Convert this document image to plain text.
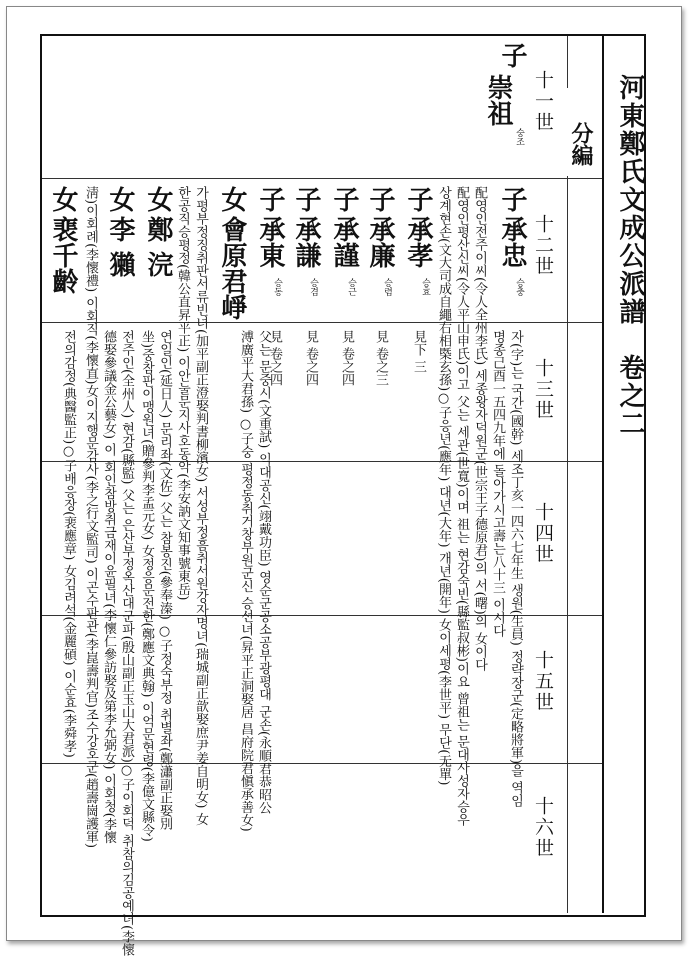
河東鄭氏文成公派譜　卷之二
分編
十一世
十二世
十三世
十四世
十五世
十六世
子
崇祖
숭조
子
承忠
승충
子
承孝
승효
見下 三
子
承廉
승렴
見 卷之三
子
承謹
승근
見 卷之四
子
承謙
승겸
見 卷之四
子
承東
승동
見 卷之四
女
會原君崢
女
鄭 浣
女
李 獺
女
裵千齡
자(字)는 국간(國幹) 세조丁亥一四六七年生 생원(生員) 정략장군(定略將軍)을 역임
명종己酉一五四九年에 돌아가시고壽는八十三 이시다
配영인전주이씨(令人全州李氏) 세종왕자덕원군(世宗王子德原君)의 서(曙)의 女이다
配영인평산신씨(令人平山申氏)이고 父는 세관(世寬)이며 祖는 현감숙빈(縣監叔彬)이요 曾祖는 문대사성자승우
상계현손(文大司成自繩右相㮣玄孫)○子응년(應年) 대년(大年) 개년(開年) 女이세평(李世平) 무단(无單)
父는 문중시(文重試) 익대공신(翊戴功臣) 영순군공소공부광평대 군손(永順君恭昭公
溥廣平大君孫) ○子숭 평정동취거창부원군신 승선녀(昇平正洞娶居 昌府院君愼承善女)
가평부정징취판서류빈녀(加平副正澄娶判書柳濱女) 서성부정흠취서원강자명녀(瑞城副正歆娶庶尹姜自明女) 女
한공직승평정(韓公直昇平正) 이안눌문지사호동악(李安訥文知事號東岳)
연일인(延日人) 문리좌(文佐) 父는 참봉진(參奉溱) ○子정숙부정 취별좌(鄭瀟副正娶別
坐)중참판이맹원녀(贈參判李孟元女) 女정응문전한(鄭應文典翰) 이억문현령(李億文縣令)
전주인(全州人) 현감(縣監) 父는 은산부정옥산대군파(殷山副正玉山大君派)○子이회덕 취참의김공예녀(李懷
德娶參議金公藝女) 이 회인참방취금재이윤필녀(李懷仁參訪娶及第李允弼女) 이회청(李懷
淸)이회례(李懷禮) 이회직(李懷直)女이지행문감사(李之行文監司) 이곤수판관(李崑壽判官)조수강호군(趙壽崗護軍)
전의감정(典醫監正)○子배응장(裵應章) 女김려석(金麗碩) 이순효(李舜孝)
